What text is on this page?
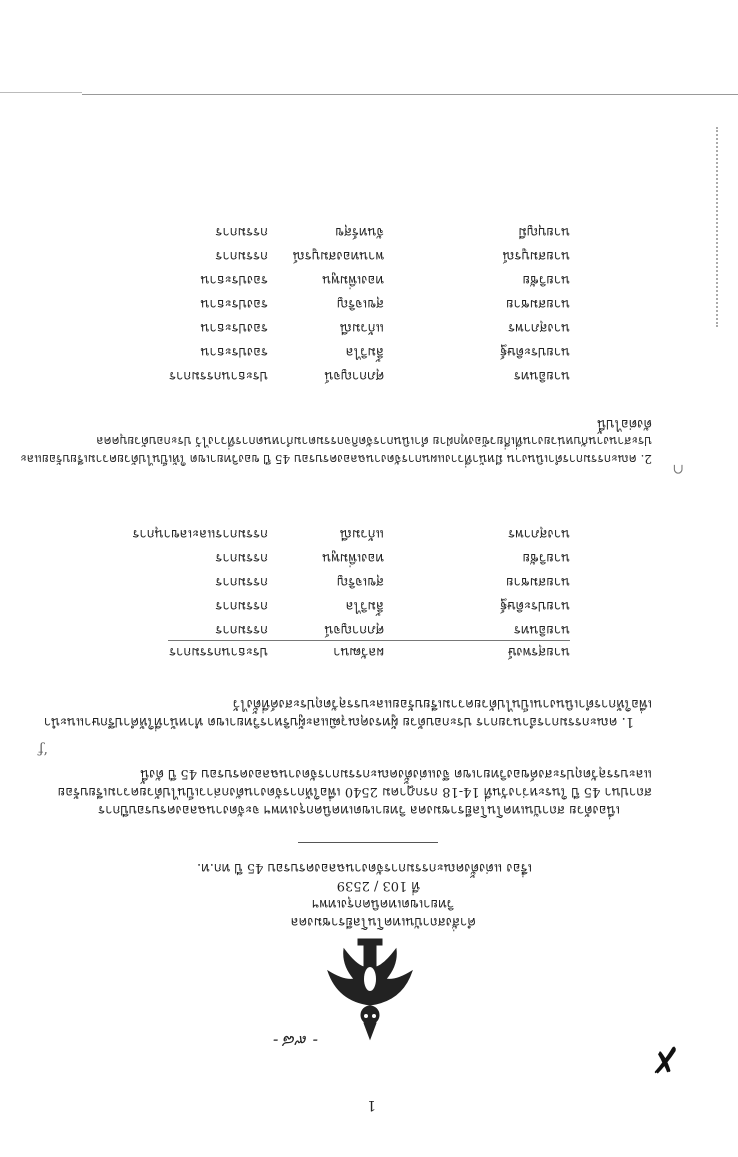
1
- ๙๘ -
คำสั่งสถาบันเทคโนโลยีราชมงคล
วิทยาเขตเทคนิคกรุงเทพฯ
ที่ 103 / 2539
เรื่อง แต่งตั้งคณะกรรมการจัดงานฉลองครบรอบ 45 ปี ทก.ท.
เนื่องด้วย สถาบันเทคโนโลยีราชมงคล วิทยาเขตเทคนิคกรุงเทพฯ จะจัดงานฉลองครบรอบปีการ
สถาปนา 45 ปี ในระหว่างวันที่ 14-18 กรกฎาคม 2540 เพื่อให้การจัดงานดังกล่าวเป็นไปด้วยความเรียบร้อย
และบรรลุวัตถุประสงค์ของวิทยาเขต จึงแต่งตั้งคณะกรรมการจัดงานฉลองครบรอบ 45 ปี ดังนี้
1. คณะกรรมการอำนวยการ ประกอบด้วย ผู้ทรงคุณวุฒิและผู้บริหารวิทยาเขต ทำหน้าที่ให้คำปรึกษาแนะนำ
เพื่อให้การดำเนินงานเป็นไปด้วยความเรียบร้อยและบรรลุวัตถุประสงค์ที่ตั้งไว้
นายสุรพงษ์
ผลวัฒนา
ประธานกรรมการ
นายอินทร
ศุภกาญจน์
กรรมการ
นายประดิษฐ์
ลิ้มวิไล
กรรมการ
นายสมชาย
สุขเจริญ
กรรมการ
นายวิชัย
ทองเพิ่มพูน
กรรมการ
นางสุภาพร
แก้วมณี
กรรมการและเลขานุการ
2. คณะกรรมการดำเนินงาน มีหน้าที่วางแผนการจัดงานฉลองครบรอบ 45 ปี ของวิทยาเขต ให้เป็นไปด้วยความเรียบร้อยและ
ประสานงานกับหน่วยงานที่เกี่ยวข้องทุกฝ่าย ดำเนินการจัดกิจกรรมตามกำหนดการที่วางไว้ ประกอบด้วยบุคคล
ดังต่อไปนี้
นายอินทร
ศุภกาญจน์
ประธานกรรมการ
นายประดิษฐ์
ลิ้มวิไล
รองประธาน
นางสุภาพร
แก้วมณี
รองประธาน
นายสมชาย
สุขเจริญ
รองประธาน
นายวิชัย
ทองเพิ่มพูน
รองประธาน
นายสมบูรณ์
พานทองสมบูรณ์
กรรมการ
นายบุญมี
จันทร์สุข
กรรมการ
✗
‘ƒ
∩
